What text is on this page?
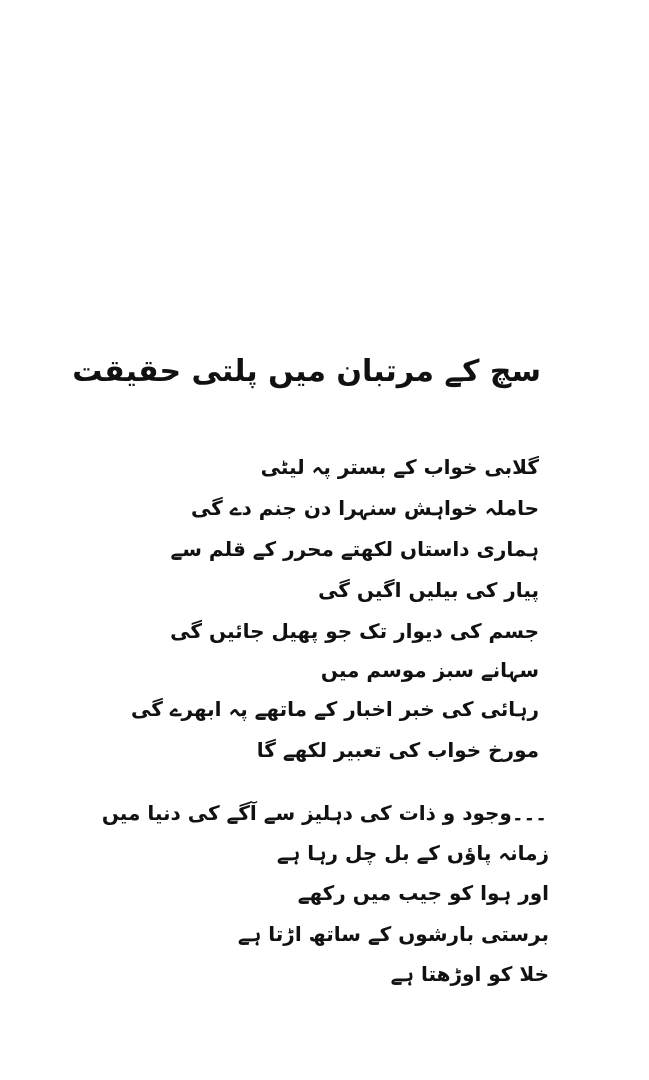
سچ کے مرتبان میں پلتی حقیقت
گلابی خواب کے بستر پہ لیٹی
حاملہ خواہش سنہرا دن جنم دے گی
ہماری داستاں لکھتے محرر کے قلم سے
پیار کی بیلیں اگیں گی
جسم کی دیوار تک جو پھیل جائیں گی
سہانے سبز موسم میں
رہائی کی خبر اخبار کے ماتھے پہ ابھرے گی
مورخ خواب کی تعبیر لکھے گا
۔۔۔وجود و ذات کی دہلیز سے آگے کی دنیا میں
زمانہ پاؤں کے بل چل رہا ہے
اور ہوا کو جیب میں رکھے
برستی بارشوں کے ساتھ اڑتا ہے
خلا کو اوڑھتا ہے
